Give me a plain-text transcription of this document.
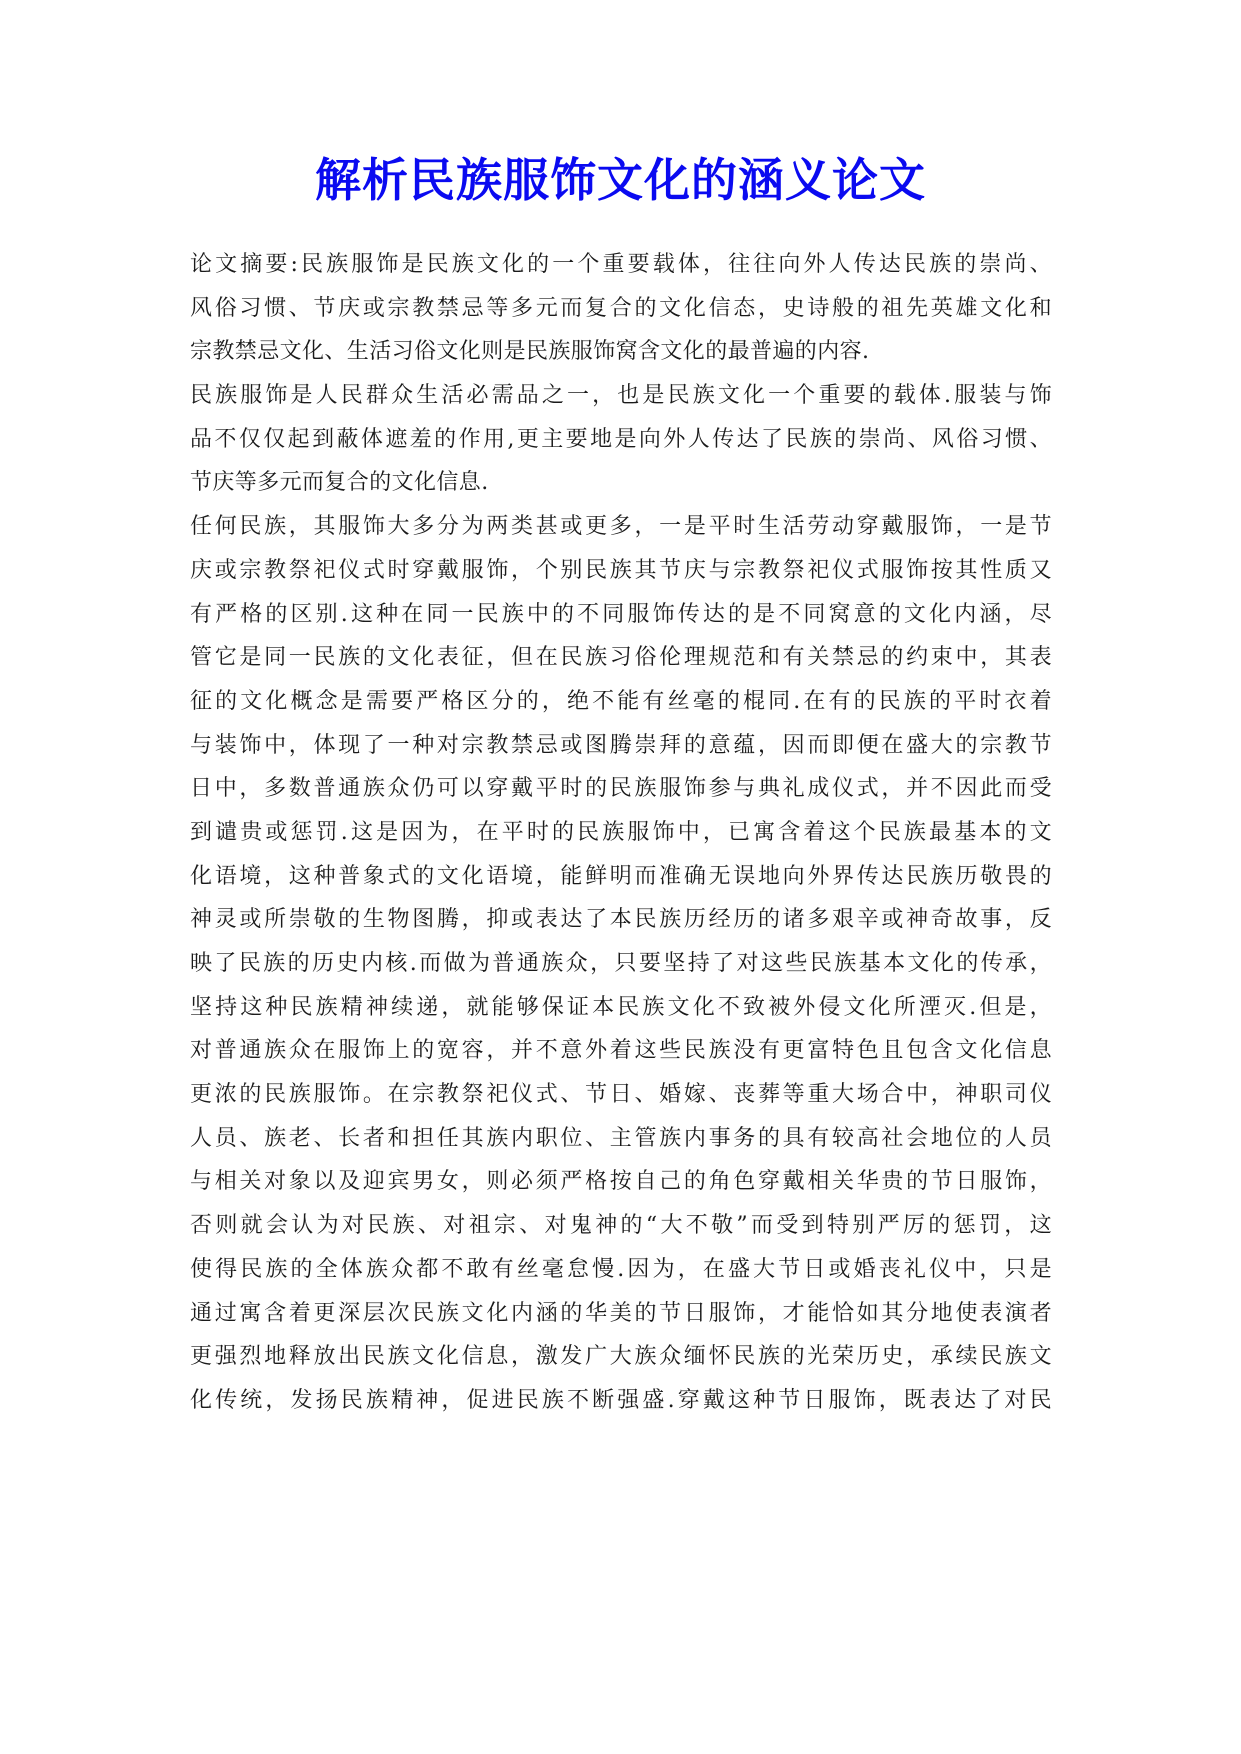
解析民族服饰文化的涵义论文

论文摘要:民族服饰是民族文化的一个重要载体，往往向外人传达民族的崇尚、

风俗习惯、节庆或宗教禁忌等多元而复合的文化信态，史诗般的祖先英雄文化和

宗教禁忌文化、生活习俗文化则是民族服饰窝含文化的最普遍的内容.

民族服饰是人民群众生活必需品之一，也是民族文化一个重要的载体.服装与饰

品不仅仅起到蔽体遮羞的作用,更主要地是向外人传达了民族的崇尚、风俗习惯、

节庆等多元而复合的文化信息.

任何民族，其服饰大多分为两类甚或更多，一是平时生活劳动穿戴服饰，一是节

庆或宗教祭祀仪式时穿戴服饰，个别民族其节庆与宗教祭祀仪式服饰按其性质又

有严格的区别.这种在同一民族中的不同服饰传达的是不同窝意的文化内涵，尽

管它是同一民族的文化表征，但在民族习俗伦理规范和有关禁忌的约束中，其表

征的文化概念是需要严格区分的，绝不能有丝毫的棍同.在有的民族的平时衣着

与装饰中，体现了一种对宗教禁忌或图腾崇拜的意蕴，因而即便在盛大的宗教节

日中，多数普通族众仍可以穿戴平时的民族服饰参与典礼成仪式，并不因此而受

到谴贵或惩罚.这是因为，在平时的民族服饰中，已寓含着这个民族最基本的文

化语境，这种普象式的文化语境，能鲜明而准确无误地向外界传达民族历敬畏的

神灵或所崇敬的生物图腾，抑或表达了本民族历经历的诸多艰辛或神奇故事，反

映了民族的历史内核.而做为普通族众，只要坚持了对这些民族基本文化的传承，

坚持这种民族精神续递，就能够保证本民族文化不致被外侵文化所湮灭.但是，

对普通族众在服饰上的宽容，并不意外着这些民族没有更富特色且包含文化信息

更浓的民族服饰。在宗教祭祀仪式、节日、婚嫁、丧葬等重大场合中，神职司仪

人员、族老、长者和担任其族内职位、主管族内事务的具有较高社会地位的人员

与相关对象以及迎宾男女，则必须严格按自己的角色穿戴相关华贵的节日服饰，

否则就会认为对民族、对祖宗、对鬼神的“大不敬”而受到特别严厉的惩罚，这

使得民族的全体族众都不敢有丝毫怠慢.因为，在盛大节日或婚丧礼仪中，只是

通过寓含着更深层次民族文化内涵的华美的节日服饰，才能恰如其分地使表演者

更强烈地释放出民族文化信息，激发广大族众缅怀民族的光荣历史，承续民族文

化传统，发扬民族精神，促进民族不断强盛.穿戴这种节日服饰，既表达了对民
